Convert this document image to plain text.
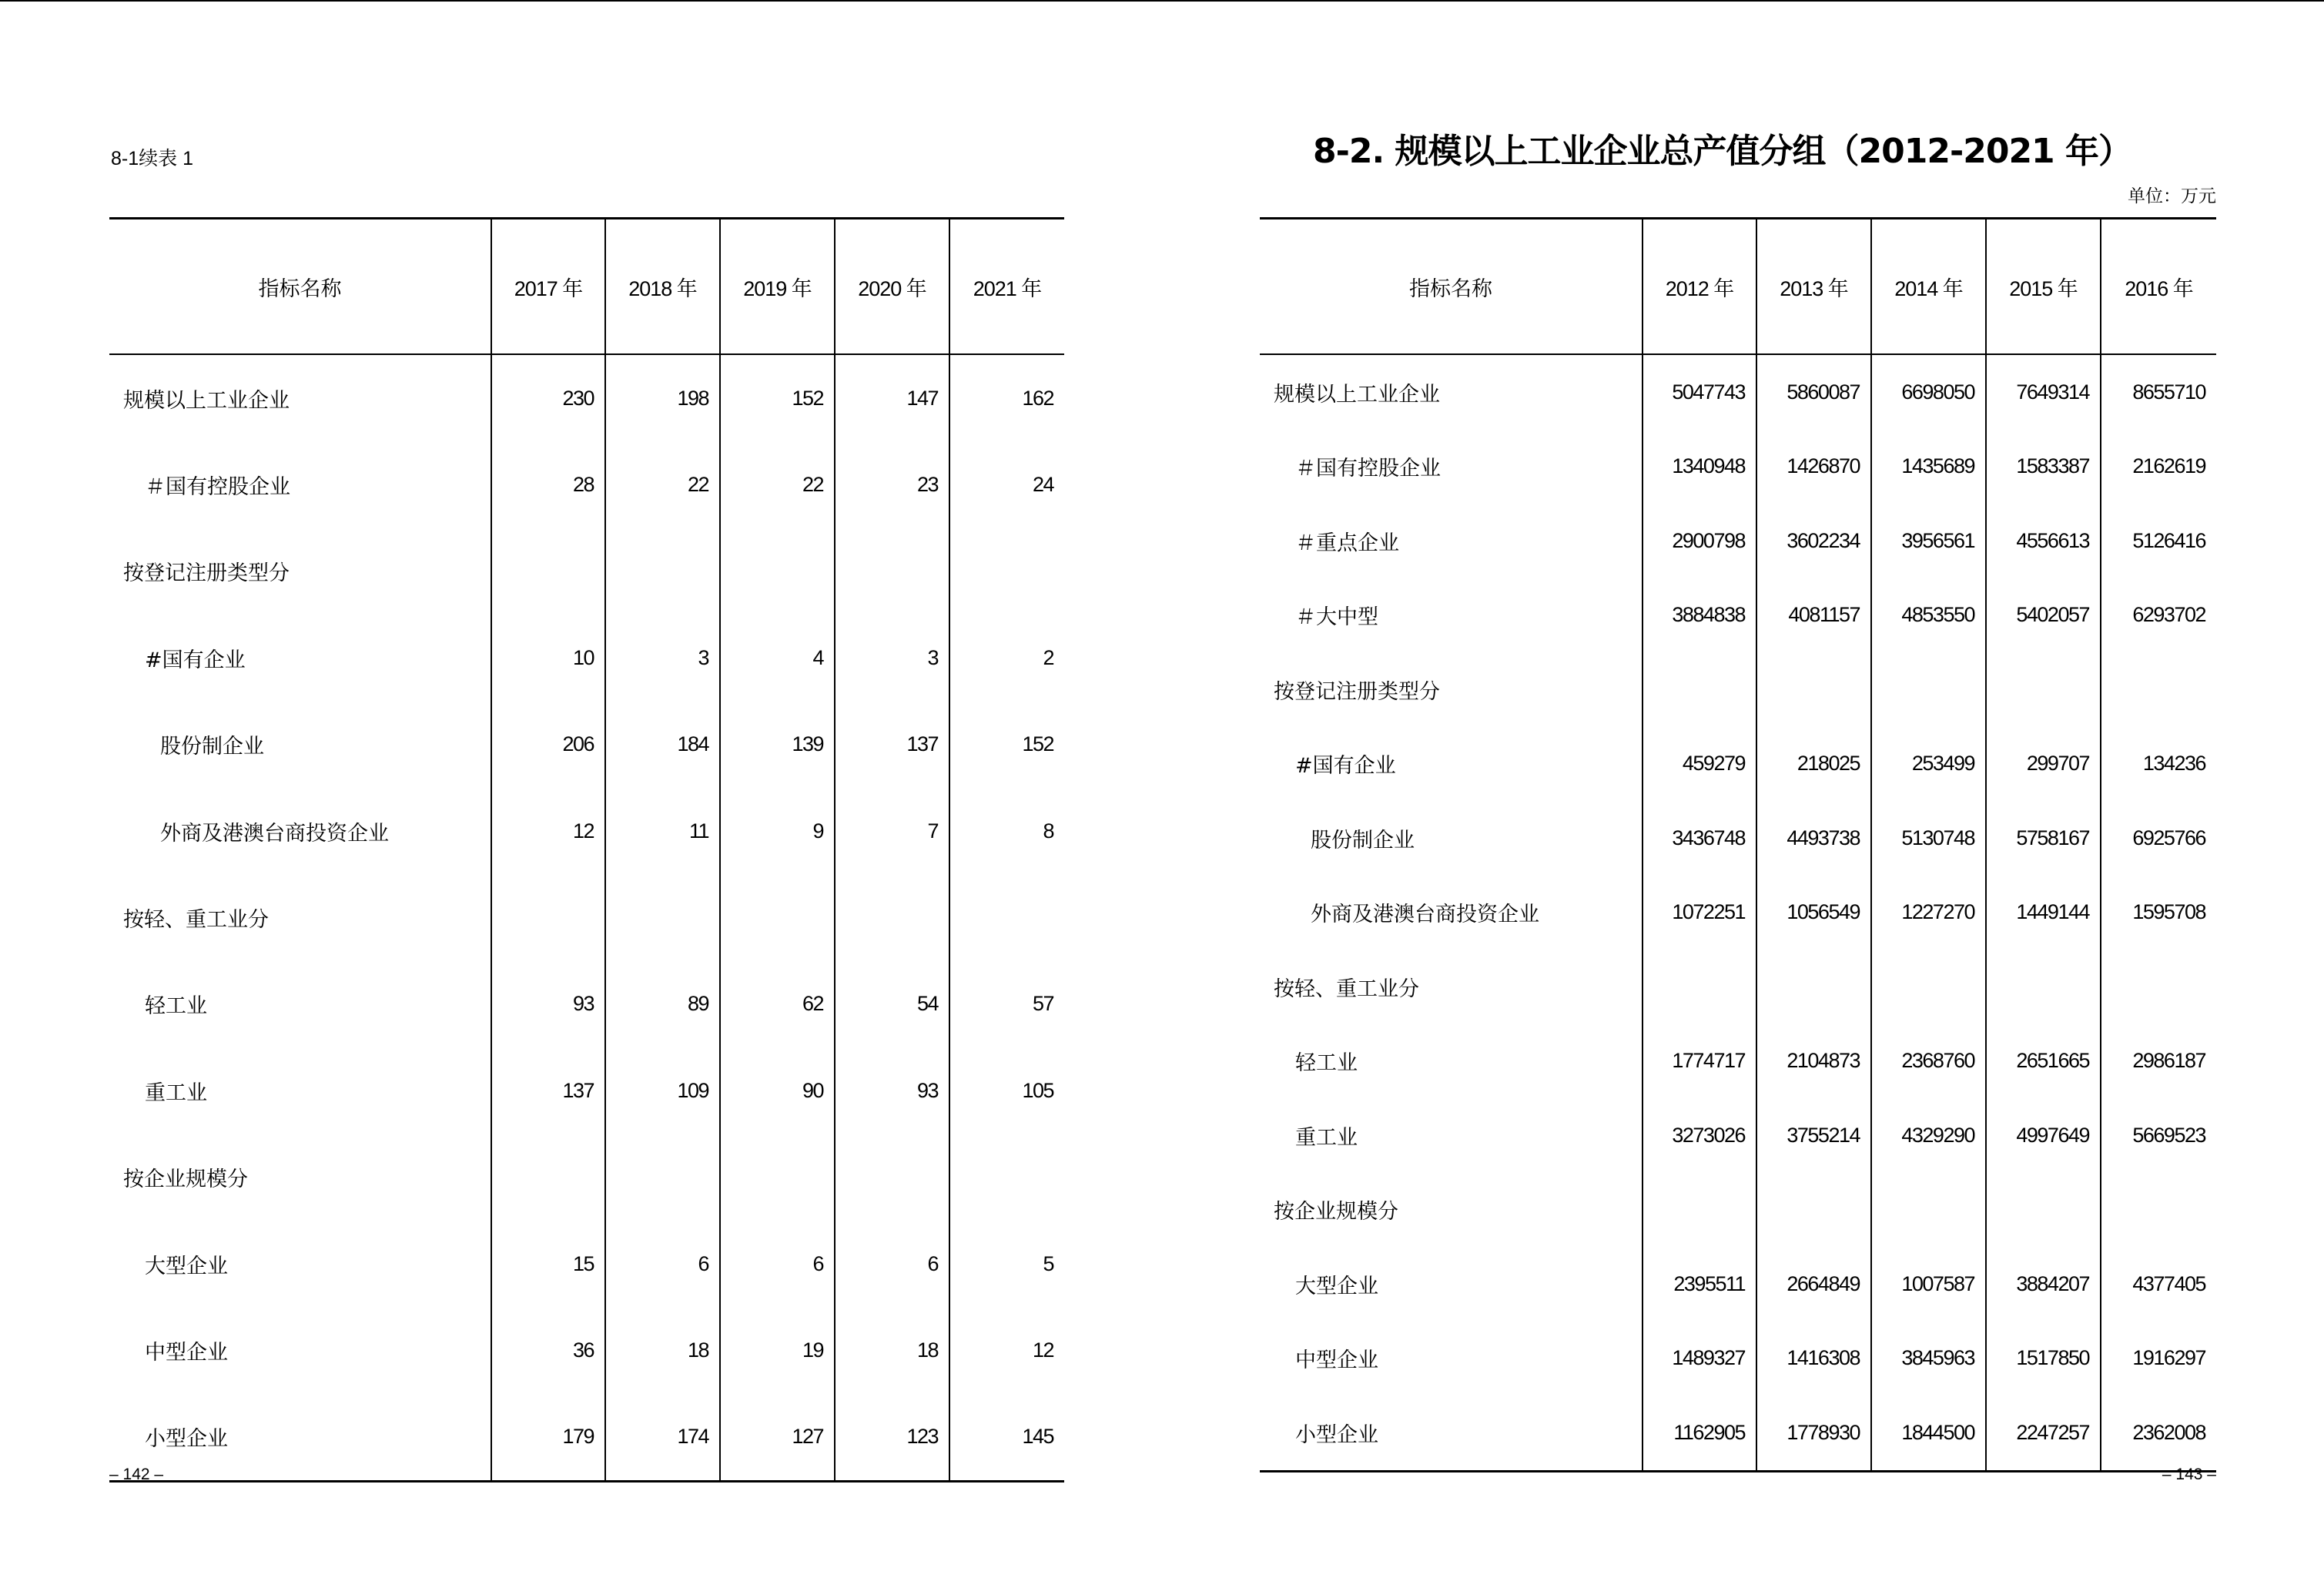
8-1续表 1
指标名称	2017 年	2018 年	2019 年	2020 年	2021 年
规模以上工业企业	230	198	152	147	162
＃国有控股企业	28	22	22	23	24
按登记注册类型分					
#国有企业	10	3	4	3	2
股份制企业	206	184	139	137	152
外商及港澳台商投资企业	12	11	9	7	8
按轻、重工业分					
轻工业	93	89	62	54	57
重工业	137	109	90	93	105
按企业规模分					
大型企业	15	6	6	6	5
中型企业	36	18	19	18	12
小型企业	179	174	127	123	145
– 142 –
8-2. 规模以上工业企业总产值分组（2012-2021 年）
单位：万元
指标名称	2012 年	2013 年	2014 年	2015 年	2016 年
规模以上工业企业	5047743	5860087	6698050	7649314	8655710
＃国有控股企业	1340948	1426870	1435689	1583387	2162619
＃重点企业	2900798	3602234	3956561	4556613	5126416
＃大中型	3884838	4081157	4853550	5402057	6293702
按登记注册类型分					
#国有企业	459279	218025	253499	299707	134236
股份制企业	3436748	4493738	5130748	5758167	6925766
外商及港澳台商投资企业	1072251	1056549	1227270	1449144	1595708
按轻、重工业分					
轻工业	1774717	2104873	2368760	2651665	2986187
重工业	3273026	3755214	4329290	4997649	5669523
按企业规模分					
大型企业	2395511	2664849	1007587	3884207	4377405
中型企业	1489327	1416308	3845963	1517850	1916297
小型企业	1162905	1778930	1844500	2247257	2362008
– 143 –
